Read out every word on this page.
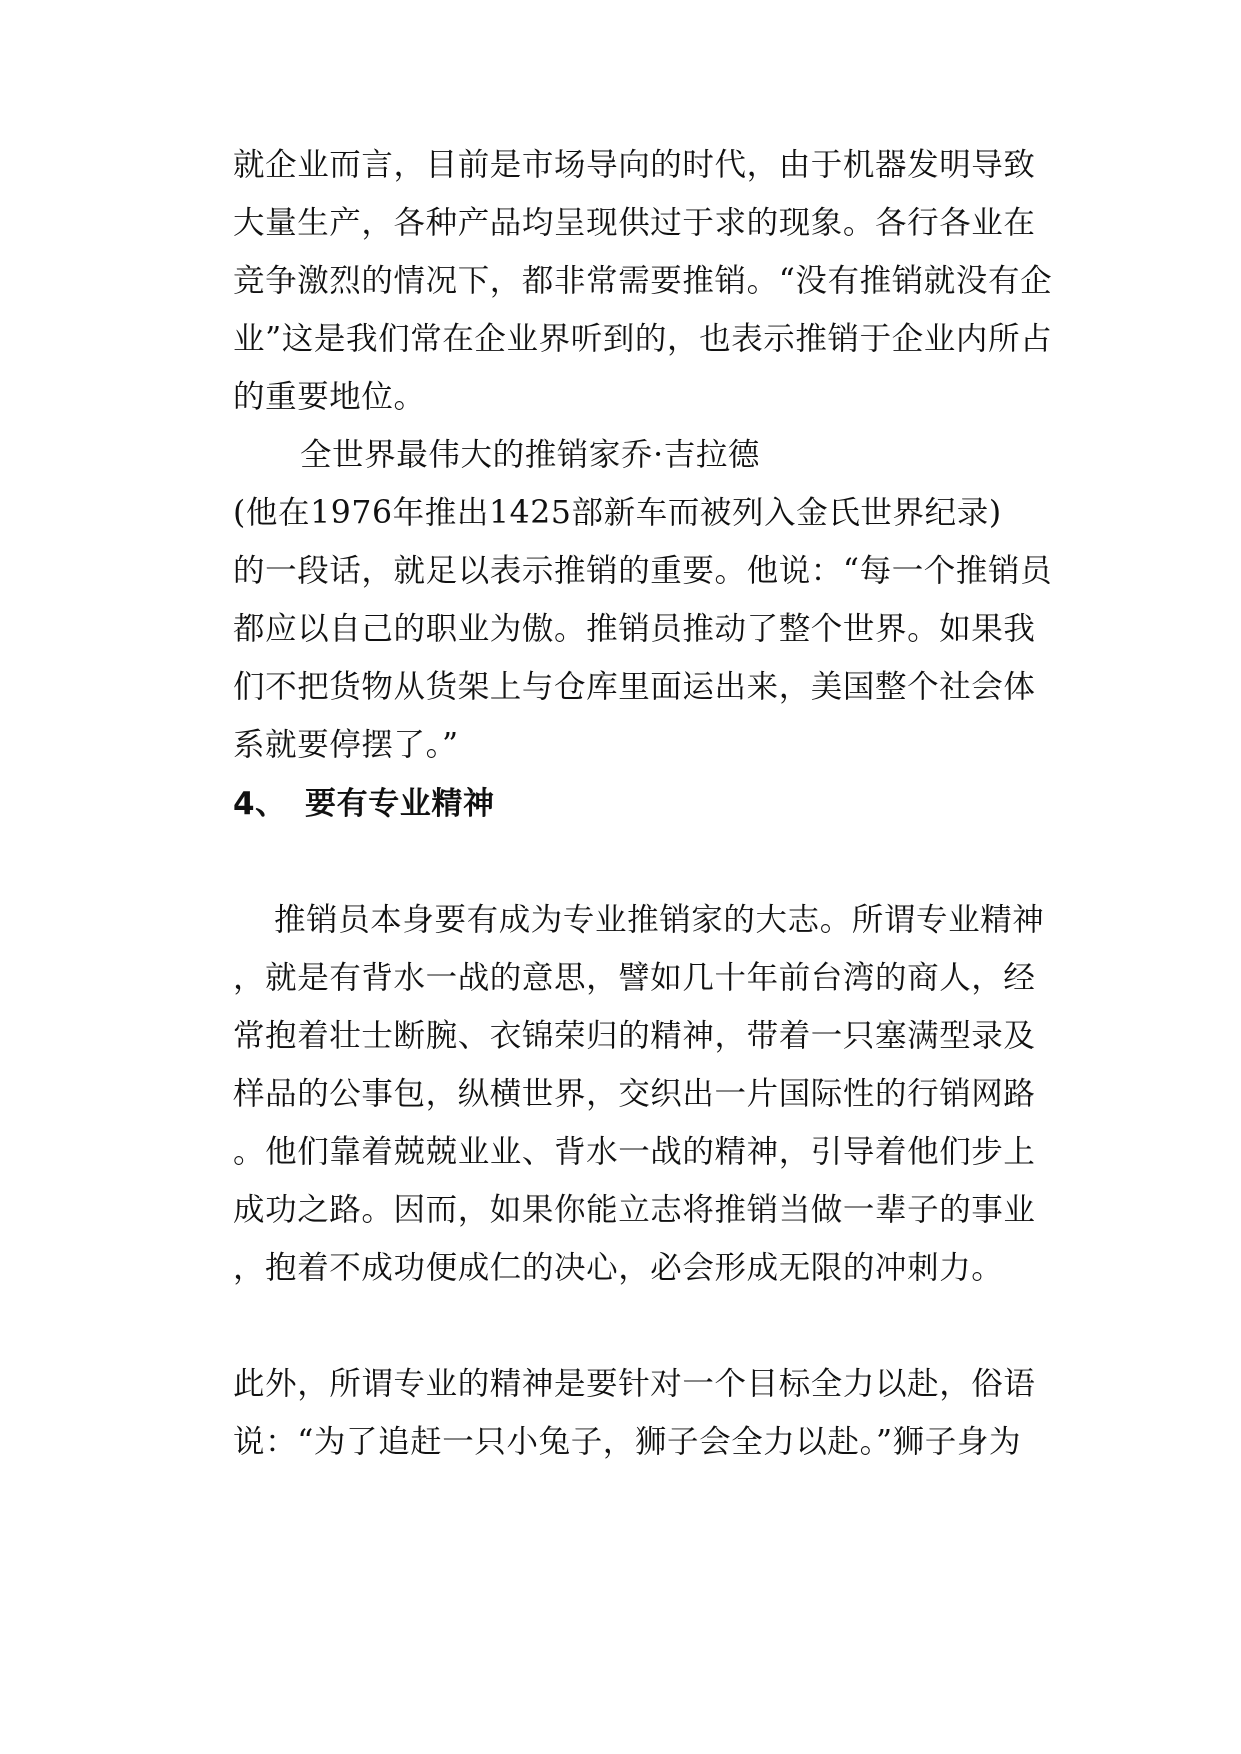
就企业而言，目前是市场导向的时代，由于机器发明导致

大量生产，各种产品均呈现供过于求的现象。各行各业在

竞争激烈的情况下，都非常需要推销。“没有推销就没有企

业”这是我们常在企业界听到的，也表示推销于企业内所占

的重要地位。

全世界最伟大的推销家乔·吉拉德

(他在1976年推出1425部新车而被列入金氏世界纪录)

的一段话，就足以表示推销的重要。他说：“每一个推销员

都应以自己的职业为傲。推销员推动了整个世界。如果我

们不把货物从货架上与仓库里面运出来，美国整个社会体

系就要停摆了。”

4、 要有专业精神

推销员本身要有成为专业推销家的大志。所谓专业精神

，就是有背水一战的意思，譬如几十年前台湾的商人，经

常抱着壮士断腕、衣锦荣归的精神，带着一只塞满型录及

样品的公事包，纵横世界，交织出一片国际性的行销网路

。他们靠着兢兢业业、背水一战的精神，引导着他们步上

成功之路。因而，如果你能立志将推销当做一辈子的事业

，抱着不成功便成仁的决心，必会形成无限的冲刺力。

此外，所谓专业的精神是要针对一个目标全力以赴，俗语

说：“为了追赶一只小兔子，狮子会全力以赴。”狮子身为
